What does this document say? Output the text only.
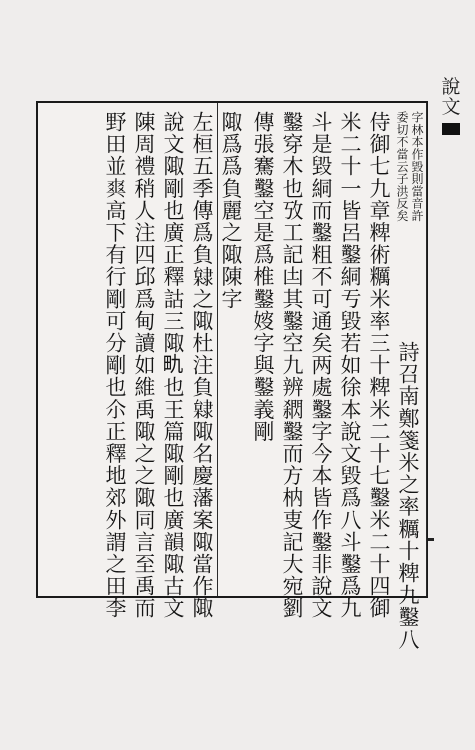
說
文
字林本作毀則當音許
委切不當云子洪反矣
詩召南鄭箋米之率糲十粺九鑿八
侍御七九章粺術糲米率三十粺米二十七鑿米二十四御
米二十一皆呂鑿絧亐毀若如徐本說文毀爲八斗鑿爲九
斗是毀絧而鑿粗不可通矣两處鑿字今本皆作鑿非說文
鑿穿木也攷工記凷其鑿空九辨閷鑿而方枘叓記大宛劉
傳張騫鑿空是爲椎鑿㛮字與鑿義剛
陬爲爲負麗之陬陳字
左桓五季傳爲負𨽿之陬杜注負𨽿陬名慶藩案陬當作陬
說文陬剛也廣正釋詁三陬𪽇也王篇陬剛也廣韻陬古文
陳周禮稍人注四邱爲甸讀如維禹陬之之陬同言至禹而
野田並𤕤高下有行剛可分剛也尒正釋地郊外謂之田李
